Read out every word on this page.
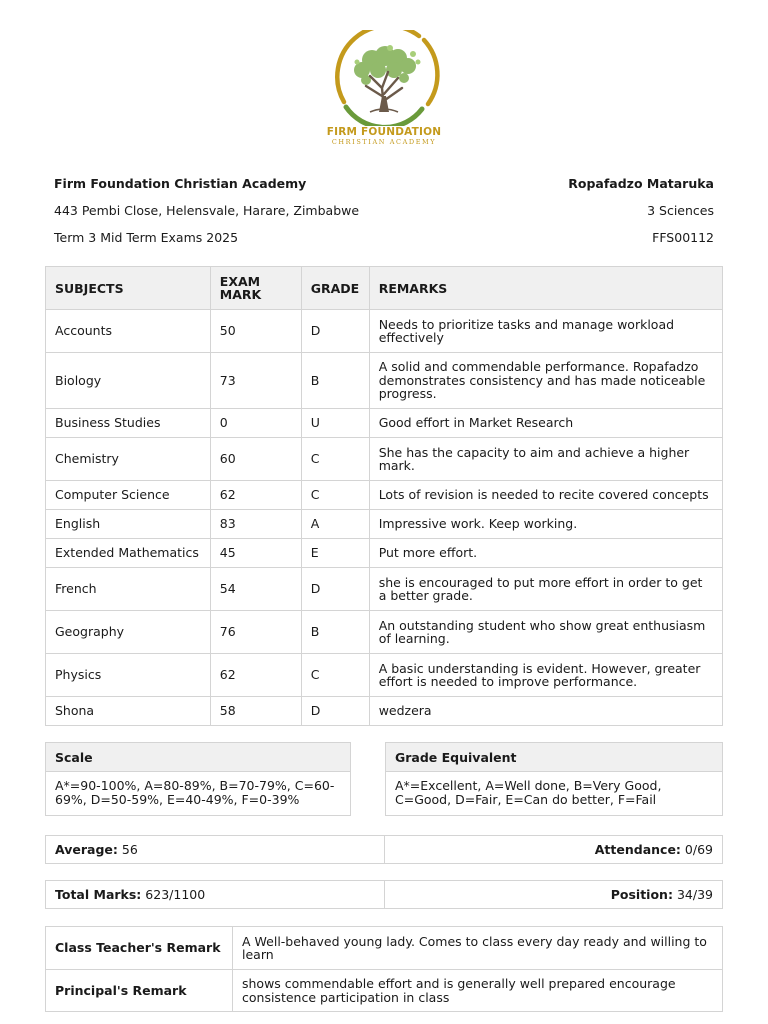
FIRM FOUNDATION
CHRISTIAN ACADEMY
Firm Foundation Christian Academy
443 Pembi Close, Helensvale, Harare, Zimbabwe
Term 3 Mid Term Exams 2025
Ropafadzo Mataruka
3 Sciences
FFS00112
SUBJECTS	EXAM MARK	GRADE	REMARKS
Accounts	50	D	Needs to prioritize tasks and manage workload effectively
Biology	73	B	A solid and commendable performance. Ropafadzo demonstrates consistency and has made noticeable progress.
Business Studies	0	U	Good effort in Market Research
Chemistry	60	C	She has the capacity to aim and achieve a higher mark.
Computer Science	62	C	Lots of revision is needed to recite covered concepts
English	83	A	Impressive work. Keep working.
Extended Mathematics	45	E	Put more effort.
French	54	D	she is encouraged to put more effort in order to get a better grade.
Geography	76	B	An outstanding student who show great enthusiasm of learning.
Physics	62	C	A basic understanding is evident. However, greater effort is needed to improve performance.
Shona	58	D	wedzera
Scale
A*=90-100%, A=80-89%, B=70-79%, C=60-69%, D=50-59%, E=40-49%, F=0-39%
Grade Equivalent
A*=Excellent, A=Well done, B=Very Good, C=Good, D=Fair, E=Can do better, F=Fail
Average: 56	Attendance: 0/69
Total Marks: 623/1100	Position: 34/39
Class Teacher's Remark	A Well-behaved young lady. Comes to class every day ready and willing to learn
Principal's Remark	shows commendable effort and is generally well prepared encourage consistence participation in class
